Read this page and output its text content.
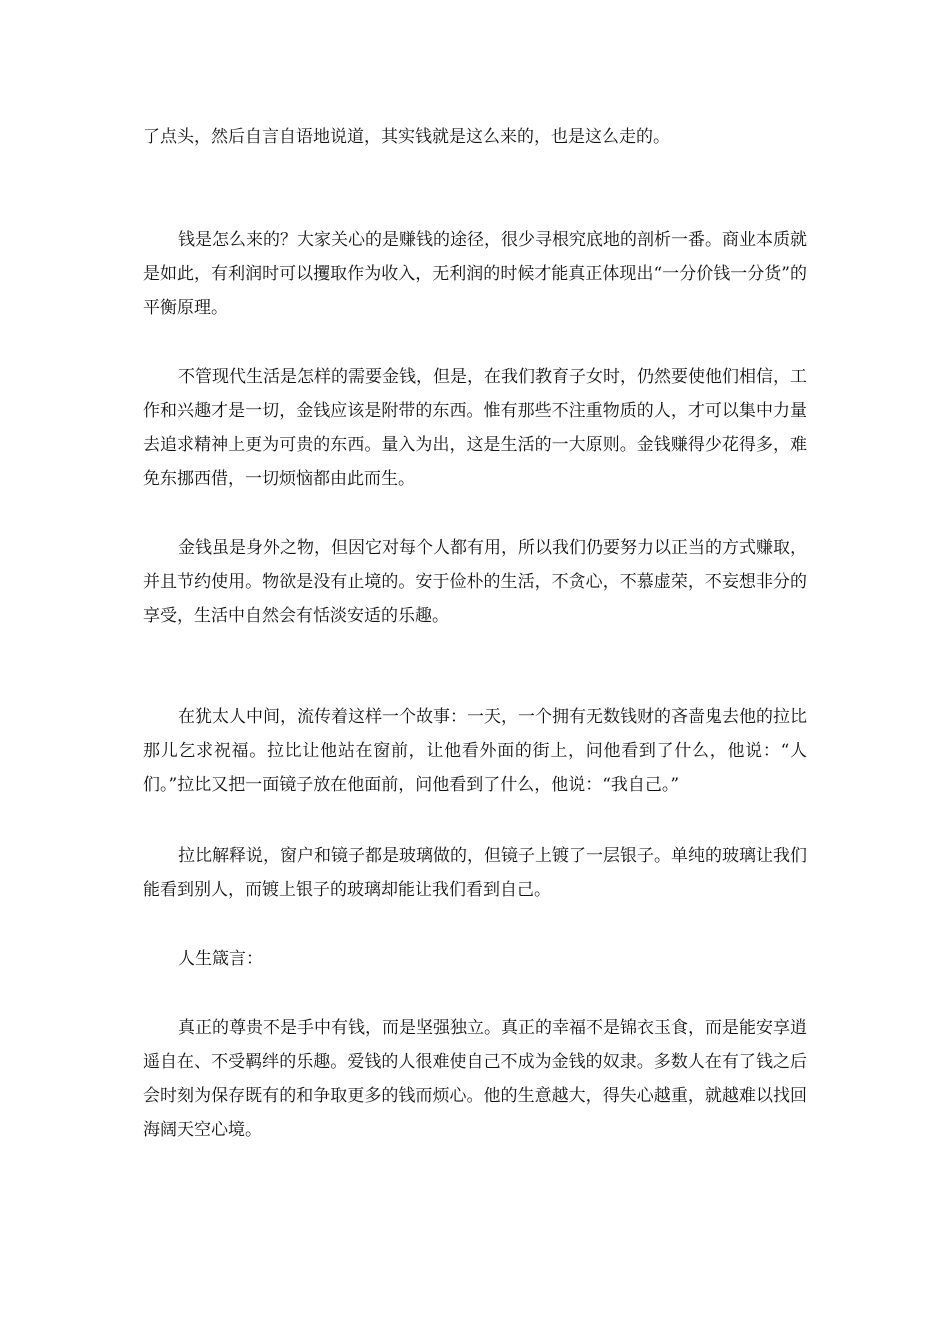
了点头，然后自言自语地说道，其实钱就是这么来的，也是这么走的。

钱是怎么来的？大家关心的是赚钱的途径，很少寻根究底地的剖析一番。商业本质就是如此，有利润时可以攫取作为收入，无利润的时候才能真正体现出“一分价钱一分货”的平衡原理。

不管现代生活是怎样的需要金钱，但是，在我们教育子女时，仍然要使他们相信，工作和兴趣才是一切，金钱应该是附带的东西。惟有那些不注重物质的人，才可以集中力量去追求精神上更为可贵的东西。量入为出，这是生活的一大原则。金钱赚得少花得多，难免东挪西借，一切烦恼都由此而生。

金钱虽是身外之物，但因它对每个人都有用，所以我们仍要努力以正当的方式赚取，并且节约使用。物欲是没有止境的。安于俭朴的生活，不贪心，不慕虚荣，不妄想非分的享受，生活中自然会有恬淡安适的乐趣。

在犹太人中间，流传着这样一个故事：一天，一个拥有无数钱财的吝啬鬼去他的拉比那儿乞求祝福。拉比让他站在窗前，让他看外面的街上，问他看到了什么，他说：“人们。”拉比又把一面镜子放在他面前，问他看到了什么，他说：“我自己。”

拉比解释说，窗户和镜子都是玻璃做的，但镜子上镀了一层银子。单纯的玻璃让我们能看到别人，而镀上银子的玻璃却能让我们看到自己。

人生箴言：

真正的尊贵不是手中有钱，而是坚强独立。真正的幸福不是锦衣玉食，而是能安享逍遥自在、不受羁绊的乐趣。爱钱的人很难使自己不成为金钱的奴隶。多数人在有了钱之后会时刻为保存既有的和争取更多的钱而烦心。他的生意越大，得失心越重，就越难以找回海阔天空心境。
